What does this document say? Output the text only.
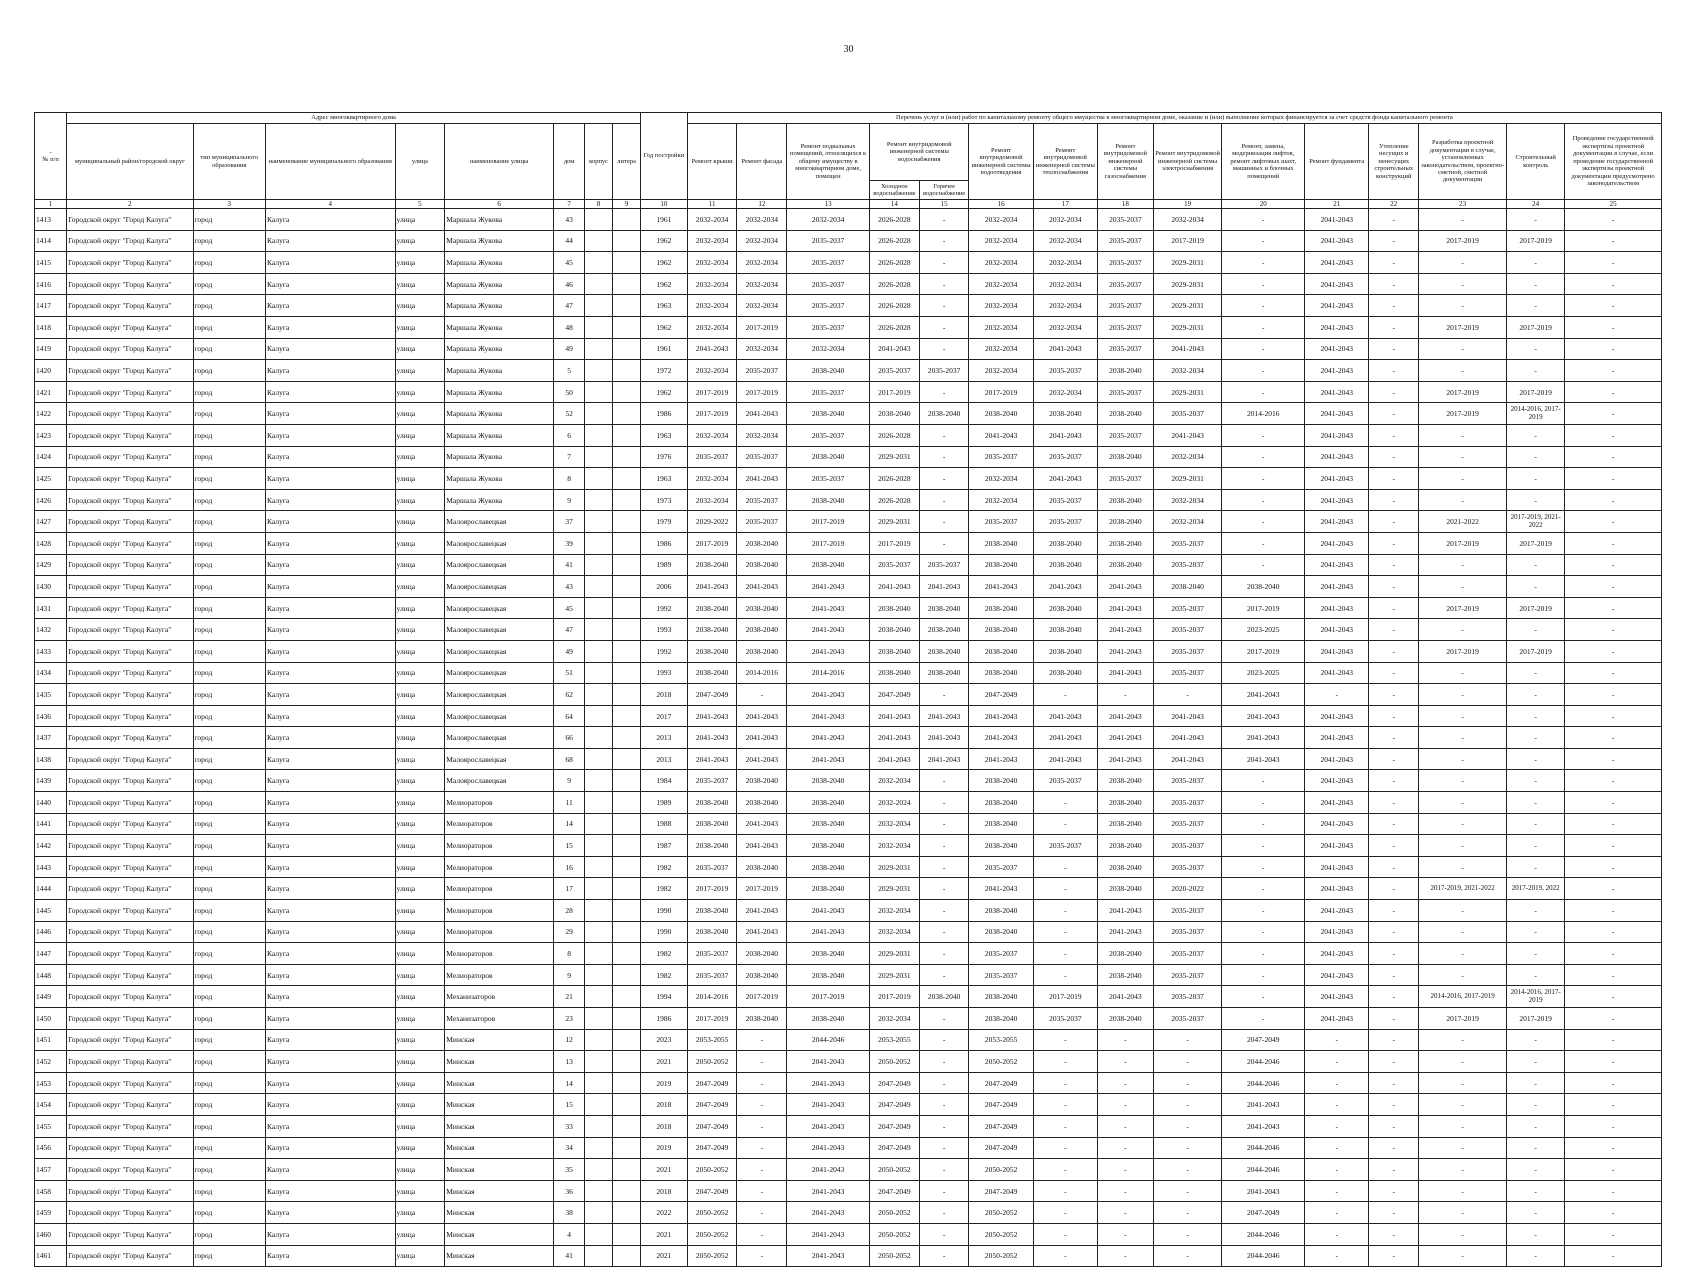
30
-
№ п/п	Адрес многоквартирного дома								Год постройки	Перечень услуг и (или) работ по капитальному ремонту общего имущества в многоквартирном доме, оказание и (или) выполнение которых финансируется за счет средств фонда капитального ремонта														
	муниципальный район/городской округ	тип муниципального образования	наименование муниципального образования	улица	наименование улицы	дом	корпус	литера		Ремонт крыши	Ремонт фасада	Ремонт подвальных помещений, относящихся к общему имуществу в многоквартирном доме, помещен	Ремонт внутридомовой инженерной системы водоснабжения		Ремонт внутридомовой инженерной системы водоотведения	Ремонт внутридомовой инженерной системы теплоснабжения	Ремонт внутридомовой инженерной системы газоснабжения	Ремонт внутридомовой инженерной системы электроснабжения	Ремонт, замена, модернизация лифтов, ремонт лифтовых шахт, машинных и блочных помещений	Ремонт фундамента	Утепление несущих и ненесущих строительных конструкций	Разработка проектной документации в случае, установленных законодательством, проектно-сметной, сметной документации	Строительный контроль	Проведение государственной экспертизы проектной документации в случае, если проведение государственной экспертизы проектной документации предусмотрено законодательством
													Холодное водоснабжение	Горячее водоснабжение										
1	2	3	4	5	6	7	8	9	10	11	12	13	14	15	16	17	18	19	20	21	22	23	24	25
1413	Городской округ "Город Калуга"	город	Калуга	улица	Маршала Жукова	43			1961	2032-2034	2032-2034	2032-2034	2026-2028	-	2032-2034	2032-2034	2035-2037	2032-2034	-	2041-2043	-	-	-	-
1414	Городской округ "Город Калуга"	город	Калуга	улица	Маршала Жукова	44			1962	2032-2034	2032-2034	2035-2037	2026-2028	-	2032-2034	2032-2034	2035-2037	2017-2019	-	2041-2043	-	2017-2019	2017-2019	-
1415	Городской округ "Город Калуга"	город	Калуга	улица	Маршала Жукова	45			1962	2032-2034	2032-2034	2035-2037	2026-2028	-	2032-2034	2032-2034	2035-2037	2029-2031	-	2041-2043	-	-	-	-
1416	Городской округ "Город Калуга"	город	Калуга	улица	Маршала Жукова	46			1962	2032-2034	2032-2034	2035-2037	2026-2028	-	2032-2034	2032-2034	2035-2037	2029-2031	-	2041-2043	-	-	-	-
1417	Городской округ "Город Калуга"	город	Калуга	улица	Маршала Жукова	47			1963	2032-2034	2032-2034	2035-2037	2026-2028	-	2032-2034	2032-2034	2035-2037	2029-2031	-	2041-2043	-	-	-	-
1418	Городской округ "Город Калуга"	город	Калуга	улица	Маршала Жукова	48			1962	2032-2034	2017-2019	2035-2037	2026-2028	-	2032-2034	2032-2034	2035-2037	2029-2031	-	2041-2043	-	2017-2019	2017-2019	-
1419	Городской округ "Город Калуга"	город	Калуга	улица	Маршала Жукова	49			1961	2041-2043	2032-2034	2032-2034	2041-2043	-	2032-2034	2041-2043	2035-2037	2041-2043	-	2041-2043	-	-	-	-
1420	Городской округ "Город Калуга"	город	Калуга	улица	Маршала Жукова	5			1972	2032-2034	2035-2037	2038-2040	2035-2037	2035-2037	2032-2034	2035-2037	2038-2040	2032-2034	-	2041-2043	-	-	-	-
1421	Городской округ "Город Калуга"	город	Калуга	улица	Маршала Жукова	50			1962	2017-2019	2017-2019	2035-2037	2017-2019	-	2017-2019	2032-2034	2035-2037	2029-2031	-	2041-2043	-	2017-2019	2017-2019	-
1422	Городской округ "Город Калуга"	город	Калуга	улица	Маршала Жукова	52			1986	2017-2019	2041-2043	2038-2040	2038-2040	2038-2040	2038-2040	2038-2040	2038-2040	2035-2037	2014-2016	2041-2043	-	2017-2019	2014-2016, 2017-2019	-
1423	Городской округ "Город Калуга"	город	Калуга	улица	Маршала Жукова	6			1963	2032-2034	2032-2034	2035-2037	2026-2028	-	2041-2043	2041-2043	2035-2037	2041-2043	-	2041-2043	-	-	-	-
1424	Городской округ "Город Калуга"	город	Калуга	улица	Маршала Жукова	7			1976	2035-2037	2035-2037	2038-2040	2029-2031	-	2035-2037	2035-2037	2038-2040	2032-2034	-	2041-2043	-	-	-	-
1425	Городской округ "Город Калуга"	город	Калуга	улица	Маршала Жукова	8			1963	2032-2034	2041-2043	2035-2037	2026-2028	-	2032-2034	2041-2043	2035-2037	2029-2031	-	2041-2043	-	-	-	-
1426	Городской округ "Город Калуга"	город	Калуга	улица	Маршала Жукова	9			1973	2032-2034	2035-2037	2038-2040	2026-2028	-	2032-2034	2035-2037	2038-2040	2032-2034	-	2041-2043	-	-	-	-
1427	Городской округ "Город Калуга"	город	Калуга	улица	Малоярославецкая	37			1979	2029-2022	2035-2037	2017-2019	2029-2031	-	2035-2037	2035-2037	2038-2040	2032-2034	-	2041-2043	-	2021-2022	2017-2019, 2021-2022	-
1428	Городской округ "Город Калуга"	город	Калуга	улица	Малоярославецкая	39			1986	2017-2019	2038-2040	2017-2019	2017-2019	-	2038-2040	2038-2040	2038-2040	2035-2037	-	2041-2043	-	2017-2019	2017-2019	-
1429	Городской округ "Город Калуга"	город	Калуга	улица	Малоярославецкая	41			1989	2038-2040	2038-2040	2038-2040	2035-2037	2035-2037	2038-2040	2038-2040	2038-2040	2035-2037	-	2041-2043	-	-	-	-
1430	Городской округ "Город Калуга"	город	Калуга	улица	Малоярославецкая	43			2006	2041-2043	2041-2043	2041-2043	2041-2043	2041-2043	2041-2043	2041-2043	2041-2043	2038-2040	2038-2040	2041-2043	-	-	-	-
1431	Городской округ "Город Калуга"	город	Калуга	улица	Малоярославецкая	45			1992	2038-2040	2038-2040	2041-2043	2038-2040	2038-2040	2038-2040	2038-2040	2041-2043	2035-2037	2017-2019	2041-2043	-	2017-2019	2017-2019	-
1432	Городской округ "Город Калуга"	город	Калуга	улица	Малоярославецкая	47			1993	2038-2040	2038-2040	2041-2043	2038-2040	2038-2040	2038-2040	2038-2040	2041-2043	2035-2037	2023-2025	2041-2043	-	-	-	-
1433	Городской округ "Город Калуга"	город	Калуга	улица	Малоярославецкая	49			1992	2038-2040	2038-2040	2041-2043	2038-2040	2038-2040	2038-2040	2038-2040	2041-2043	2035-2037	2017-2019	2041-2043	-	2017-2019	2017-2019	-
1434	Городской округ "Город Калуга"	город	Калуга	улица	Малоярославецкая	51			1993	2038-2040	2014-2016	2014-2016	2038-2040	2038-2040	2038-2040	2038-2040	2041-2043	2035-2037	2023-2025	2041-2043	-	-	-	-
1435	Городской округ "Город Калуга"	город	Калуга	улица	Малоярославецкая	62			2018	2047-2049	-	2041-2043	2047-2049	-	2047-2049	-	-	-	2041-2043	-	-	-	-	-
1436	Городской округ "Город Калуга"	город	Калуга	улица	Малоярославецкая	64			2017	2041-2043	2041-2043	2041-2043	2041-2043	2041-2043	2041-2043	2041-2043	2041-2043	2041-2043	2041-2043	2041-2043	-	-	-	-
1437	Городской округ "Город Калуга"	город	Калуга	улица	Малоярославецкая	66			2013	2041-2043	2041-2043	2041-2043	2041-2043	2041-2043	2041-2043	2041-2043	2041-2043	2041-2043	2041-2043	2041-2043	-	-	-	-
1438	Городской округ "Город Калуга"	город	Калуга	улица	Малоярославецкая	68			2013	2041-2043	2041-2043	2041-2043	2041-2043	2041-2043	2041-2043	2041-2043	2041-2043	2041-2043	2041-2043	2041-2043	-	-	-	-
1439	Городской округ "Город Калуга"	город	Калуга	улица	Малоярославецкая	9			1984	2035-2037	2038-2040	2038-2040	2032-2034	-	2038-2040	2035-2037	2038-2040	2035-2037	-	2041-2043	-	-	-	-
1440	Городской округ "Город Калуга"	город	Калуга	улица	Мелиораторов	11			1989	2038-2040	2038-2040	2038-2040	2032-2024	-	2038-2040	-	2038-2040	2035-2037	-	2041-2043	-	-	-	-
1441	Городской округ "Город Калуга"	город	Калуга	улица	Мелиораторов	14			1988	2038-2040	2041-2043	2038-2040	2032-2034	-	2038-2040	-	2038-2040	2035-2037	-	2041-2043	-	-	-	-
1442	Городской округ "Город Калуга"	город	Калуга	улица	Мелиораторов	15			1987	2038-2040	2041-2043	2038-2040	2032-2034	-	2038-2040	2035-2037	2038-2040	2035-2037	-	2041-2043	-	-	-	-
1443	Городской округ "Город Калуга"	город	Калуга	улица	Мелиораторов	16			1982	2035-2037	2038-2040	2038-2040	2029-2031	-	2035-2037	-	2038-2040	2035-2037	-	2041-2043	-	-	-	-
1444	Городской округ "Город Калуга"	город	Калуга	улица	Мелиораторов	17			1982	2017-2019	2017-2019	2038-2040	2029-2031	-	2041-2043	-	2038-2040	2020-2022	-	2041-2043	-	2017-2019, 2021-2022	2017-2019, 2022	-
1445	Городской округ "Город Калуга"	город	Калуга	улица	Мелиораторов	28			1990	2038-2040	2041-2043	2041-2043	2032-2034	-	2038-2040	-	2041-2043	2035-2037	-	2041-2043	-	-	-	-
1446	Городской округ "Город Калуга"	город	Калуга	улица	Мелиораторов	29			1990	2038-2040	2041-2043	2041-2043	2032-2034	-	2038-2040	-	2041-2043	2035-2037	-	2041-2043	-	-	-	-
1447	Городской округ "Город Калуга"	город	Калуга	улица	Мелиораторов	8			1982	2035-2037	2038-2040	2038-2040	2029-2031	-	2035-2037	-	2038-2040	2035-2037	-	2041-2043	-	-	-	-
1448	Городской округ "Город Калуга"	город	Калуга	улица	Мелиораторов	9			1982	2035-2037	2038-2040	2038-2040	2029-2031	-	2035-2037	-	2038-2040	2035-2037	-	2041-2043	-	-	-	-
1449	Городской округ "Город Калуга"	город	Калуга	улица	Механизаторов	21			1994	2014-2016	2017-2019	2017-2019	2017-2019	2038-2040	2038-2040	2017-2019	2041-2043	2035-2037	-	2041-2043	-	2014-2016, 2017-2019	2014-2016, 2017-2019	-
1450	Городской округ "Город Калуга"	город	Калуга	улица	Механизаторов	23			1986	2017-2019	2038-2040	2038-2040	2032-2034	-	2038-2040	2035-2037	2038-2040	2035-2037	-	2041-2043	-	2017-2019	2017-2019	-
1451	Городской округ "Город Калуга"	город	Калуга	улица	Минская	12			2023	2053-2055	-	2044-2046	2053-2055	-	2053-2055	-	-	-	2047-2049	-	-	-	-	-
1452	Городской округ "Город Калуга"	город	Калуга	улица	Минская	13			2021	2050-2052	-	2041-2043	2050-2052	-	2050-2052	-	-	-	2044-2046	-	-	-	-	-
1453	Городской округ "Город Калуга"	город	Калуга	улица	Минская	14			2019	2047-2049	-	2041-2043	2047-2049	-	2047-2049	-	-	-	2044-2046	-	-	-	-	-
1454	Городской округ "Город Калуга"	город	Калуга	улица	Минская	15			2018	2047-2049	-	2041-2043	2047-2049	-	2047-2049	-	-	-	2041-2043	-	-	-	-	-
1455	Городской округ "Город Калуга"	город	Калуга	улица	Минская	33			2018	2047-2049	-	2041-2043	2047-2049	-	2047-2049	-	-	-	2041-2043	-	-	-	-	-
1456	Городской округ "Город Калуга"	город	Калуга	улица	Минская	34			2019	2047-2049	-	2041-2043	2047-2049	-	2047-2049	-	-	-	2044-2046	-	-	-	-	-
1457	Городской округ "Город Калуга"	город	Калуга	улица	Минская	35			2021	2050-2052	-	2041-2043	2050-2052	-	2050-2052	-	-	-	2044-2046	-	-	-	-	-
1458	Городской округ "Город Калуга"	город	Калуга	улица	Минская	36			2018	2047-2049	-	2041-2043	2047-2049	-	2047-2049	-	-	-	2041-2043	-	-	-	-	-
1459	Городской округ "Город Калуга"	город	Калуга	улица	Минская	38			2022	2050-2052	-	2041-2043	2050-2052	-	2050-2052	-	-	-	2047-2049	-	-	-	-	-
1460	Городской округ "Город Калуга"	город	Калуга	улица	Минская	4			2021	2050-2052	-	2041-2043	2050-2052	-	2050-2052	-	-	-	2044-2046	-	-	-	-	-
1461	Городской округ "Город Калуга"	город	Калуга	улица	Минская	41			2021	2050-2052	-	2041-2043	2050-2052	-	2050-2052	-	-	-	2044-2046	-	-	-	-	-
